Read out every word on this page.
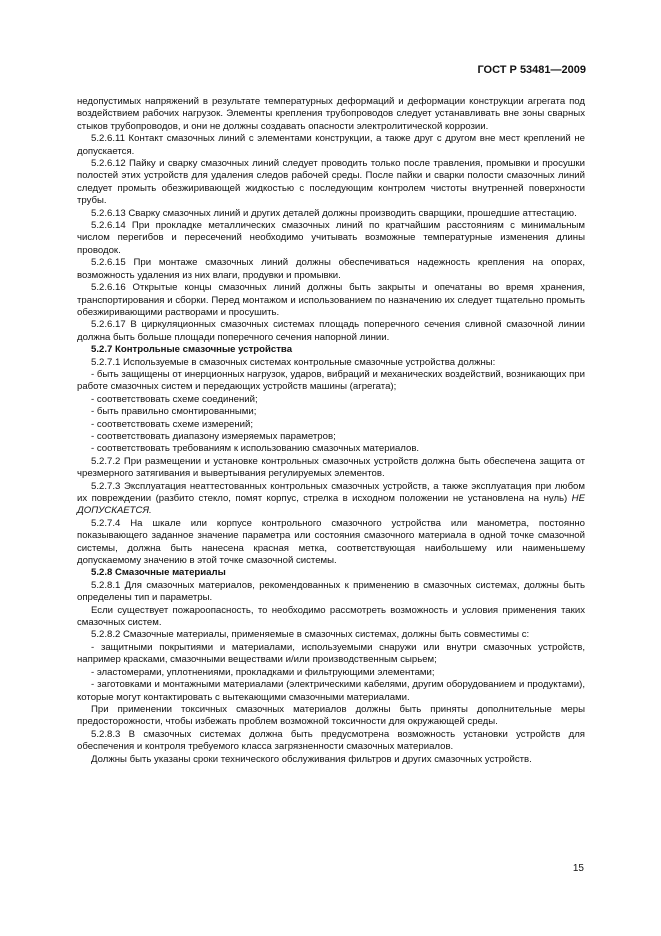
ГОСТ Р 53481—2009

недопустимых напряжений в результате температурных деформаций и деформации конструкции агрегата под воздействием рабочих нагрузок. Элементы крепления трубопроводов следует устанавливать вне зоны сварных стыков трубопроводов, и они не должны создавать опасности электролитической коррозии.

5.2.6.11 Контакт смазочных линий с элементами конструкции, а также друг с другом вне мест креплений не допускается.

5.2.6.12 Пайку и сварку смазочных линий следует проводить только после травления, промывки и просушки полостей этих устройств для удаления следов рабочей среды. После пайки и сварки полости смазочных линий следует промыть обезжиривающей жидкостью с последующим контролем чистоты внутренней поверхности трубы.

5.2.6.13 Сварку смазочных линий и других деталей должны производить сварщики, прошедшие аттестацию.

5.2.6.14 При прокладке металлических смазочных линий по кратчайшим расстояниям с минимальным числом перегибов и пересечений необходимо учитывать возможные температурные изменения длины проводок.

5.2.6.15 При монтаже смазочных линий должны обеспечиваться надежность крепления на опорах, возможность удаления из них влаги, продувки и промывки.

5.2.6.16 Открытые концы смазочных линий должны быть закрыты и опечатаны во время хранения, транспортирования и сборки. Перед монтажом и использованием по назначению их следует тщательно промыть обезжиривающими растворами и просушить.

5.2.6.17 В циркуляционных смазочных системах площадь поперечного сечения сливной смазочной линии должна быть больше площади поперечного сечения напорной линии.

5.2.7 Контрольные смазочные устройства

5.2.7.1 Используемые в смазочных системах контрольные смазочные устройства должны:

- быть защищены от инерционных нагрузок, ударов, вибраций и механических воздействий, возникающих при работе смазочных систем и передающих устройств машины (агрегата);

- соответствовать схеме соединений;

- быть правильно смонтированными;

- соответствовать схеме измерений;

- соответствовать диапазону измеряемых параметров;

- соответствовать требованиям к использованию смазочных материалов.

5.2.7.2 При размещении и установке контрольных смазочных устройств должна быть обеспечена защита от чрезмерного затягивания и вывертывания регулируемых элементов.

5.2.7.3 Эксплуатация неаттестованных контрольных смазочных устройств, а также эксплуатация при любом их повреждении (разбито стекло, помят корпус, стрелка в исходном положении не установлена на нуль) НЕ ДОПУСКАЕТСЯ.

5.2.7.4 На шкале или корпусе контрольного смазочного устройства или манометра, постоянно показывающего заданное значение параметра или состояния смазочного материала в одной точке смазочной системы, должна быть нанесена красная метка, соответствующая наибольшему или наименьшему допускаемому значению в этой точке смазочной системы.

5.2.8 Смазочные материалы

5.2.8.1 Для смазочных материалов, рекомендованных к применению в смазочных системах, должны быть определены тип и параметры.

Если существует пожароопасность, то необходимо рассмотреть возможность и условия применения таких смазочных систем.

5.2.8.2 Смазочные материалы, применяемые в смазочных системах, должны быть совместимы с:

- защитными покрытиями и материалами, используемыми снаружи или внутри смазочных устройств, например красками, смазочными веществами и/или производственным сырьем;

- эластомерами, уплотнениями, прокладками и фильтрующими элементами;

- заготовками и монтажными материалами (электрическими кабелями, другим оборудованием и продуктами), которые могут контактировать с вытекающими смазочными материалами.

При применении токсичных смазочных материалов должны быть приняты дополнительные меры предосторожности, чтобы избежать проблем возможной токсичности для окружающей среды.

5.2.8.3 В смазочных системах должна быть предусмотрена возможность установки устройств для обеспечения и контроля требуемого класса загрязненности смазочных материалов.

Должны быть указаны сроки технического обслуживания фильтров и других смазочных устройств.

15
